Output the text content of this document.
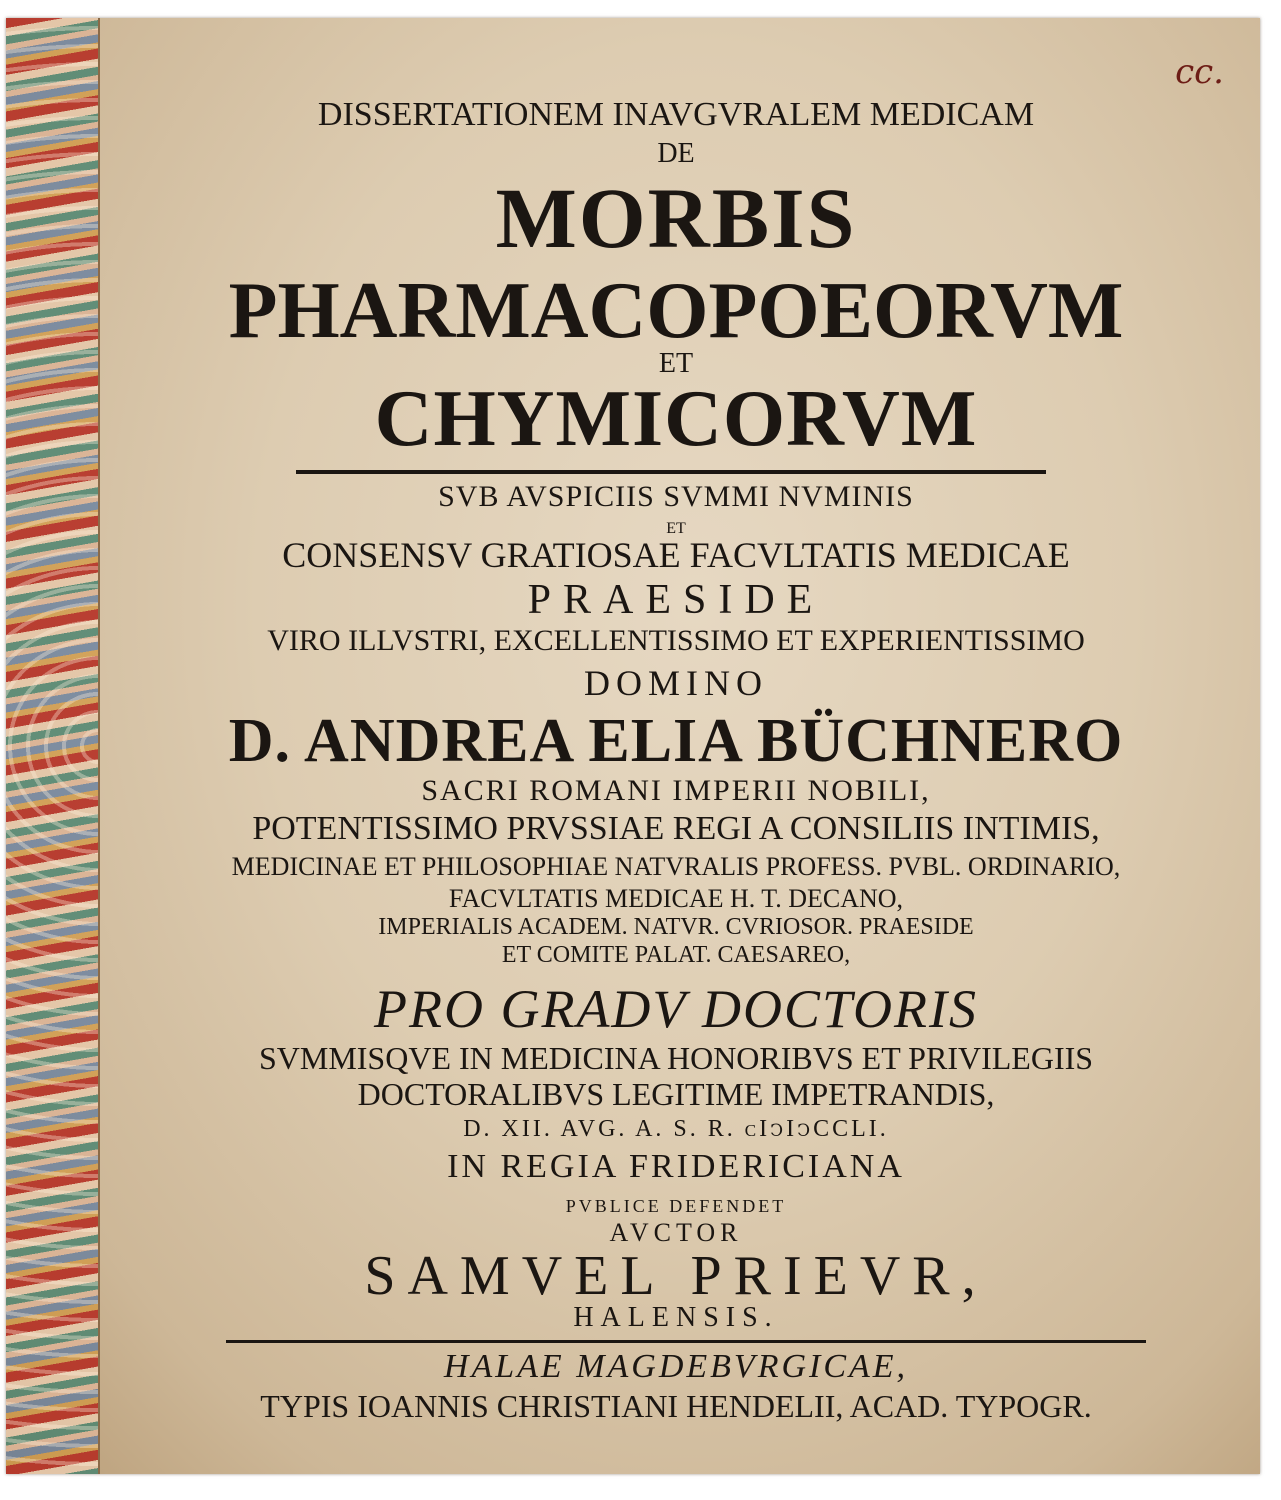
cc.
DISSERTATIONEM INAVGVRALEM MEDICAM
DE
MORBIS
PHARMACOPOEORVM
ET
CHYMICORVM
SVB AVSPICIIS SVMMI NVMINIS
ET
CONSENSV GRATIOSAE FACVLTATIS MEDICAE
PRAESIDE
VIRO ILLVSTRI, EXCELLENTISSIMO ET EXPERIENTISSIMO
DOMINO
D. ANDREA ELIA BÜCHNERO
SACRI ROMANI IMPERII NOBILI,
POTENTISSIMO PRVSSIAE REGI A CONSILIIS INTIMIS,
MEDICINAE ET PHILOSOPHIAE NATVRALIS PROFESS. PVBL. ORDINARIO,
FACVLTATIS MEDICAE H. T. DECANO,
IMPERIALIS ACADEM. NATVR. CVRIOSOR. PRAESIDE
ET COMITE PALAT. CAESAREO,
PRO GRADV DOCTORIS
SVMMISQVE IN MEDICINA HONORIBVS ET PRIVILEGIIS
DOCTORALIBVS LEGITIME IMPETRANDIS,
D. XII. AVG. A. S. R. cIↄIↄCCLI.
IN REGIA FRIDERICIANA
PVBLICE DEFENDET
AVCTOR
SAMVEL PRIEVR,
HALENSIS.
HALAE MAGDEBVRGICAE,
TYPIS IOANNIS CHRISTIANI HENDELII, ACAD. TYPOGR.
